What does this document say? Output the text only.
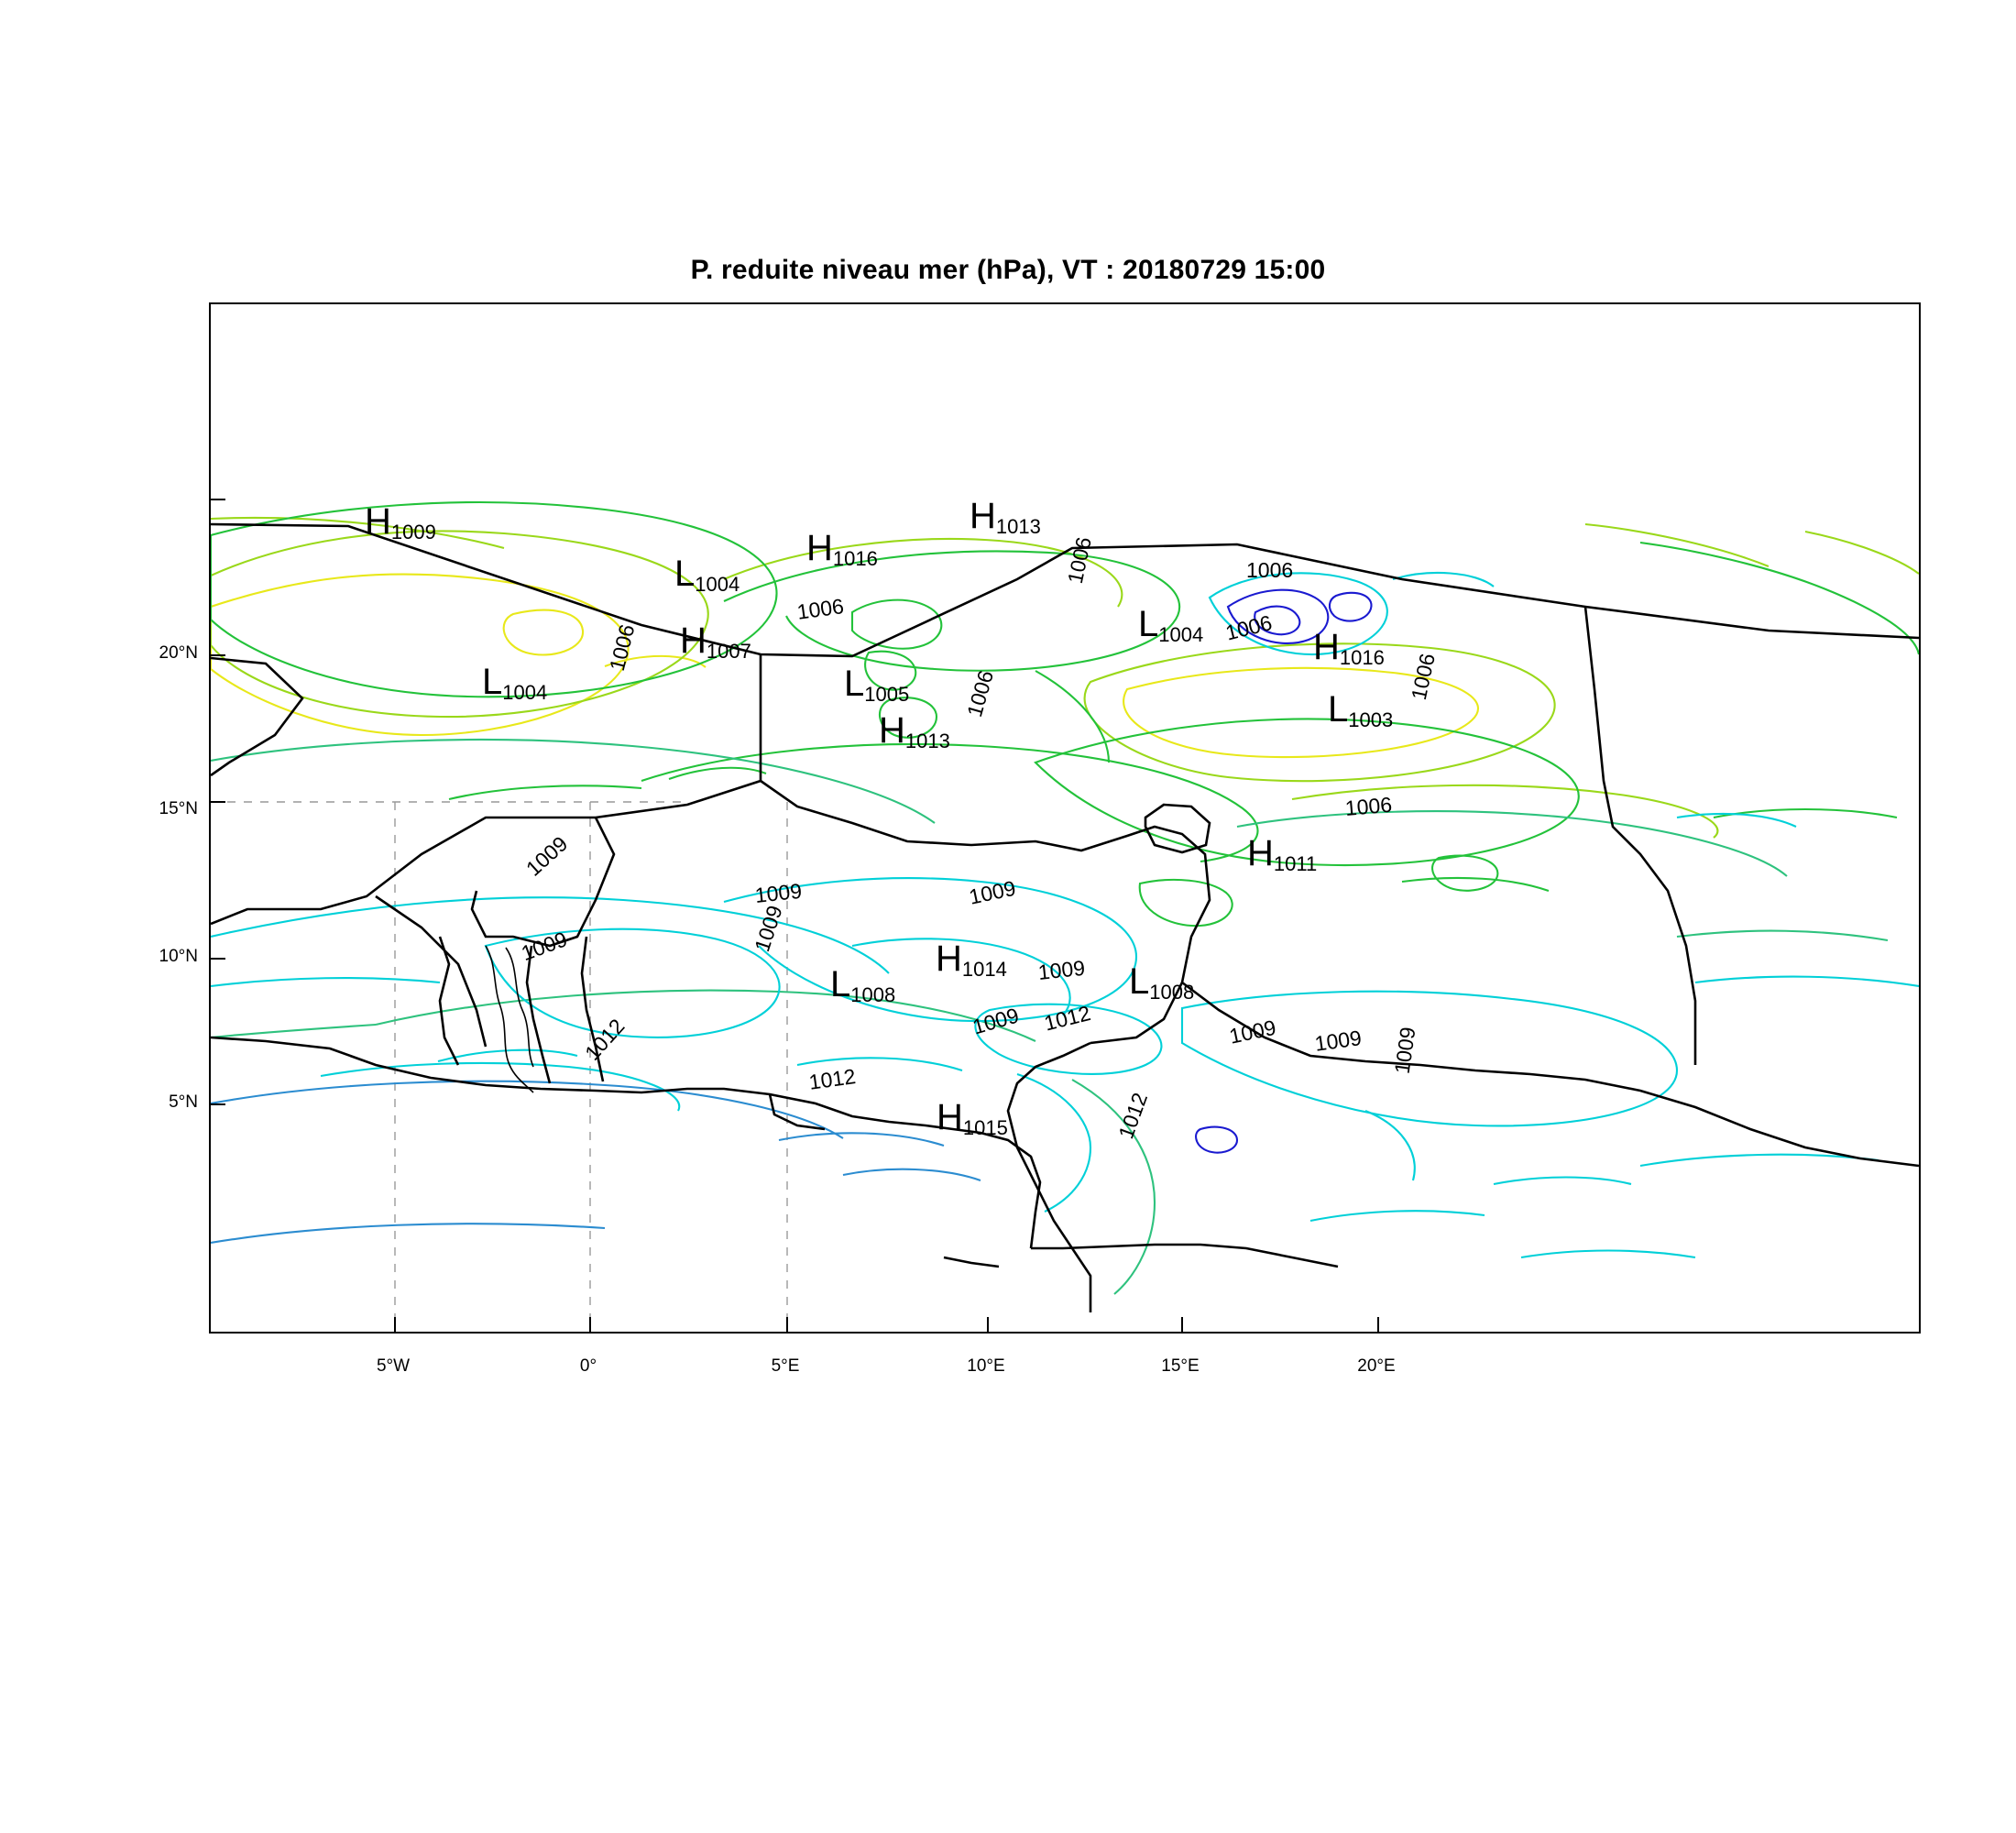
P. reduite niveau mer (hPa), VT : 20180729 15:00
H1009	H1013
H1016
L1004
H1007
L1004
L1004	H1016
L1005
H1013
L1003
H1011
H1014
L1008	L1008
H1015
1006
1006
1006
1006
1006
1006	1006
1006
1009
1009	1009
1009	1009
1009
1009 1012	1009 1009 1009
1012
1012
1012
20°N
15°N
10°N
5°N
5°W	0°	5°E	10°E	15°E	20°E
